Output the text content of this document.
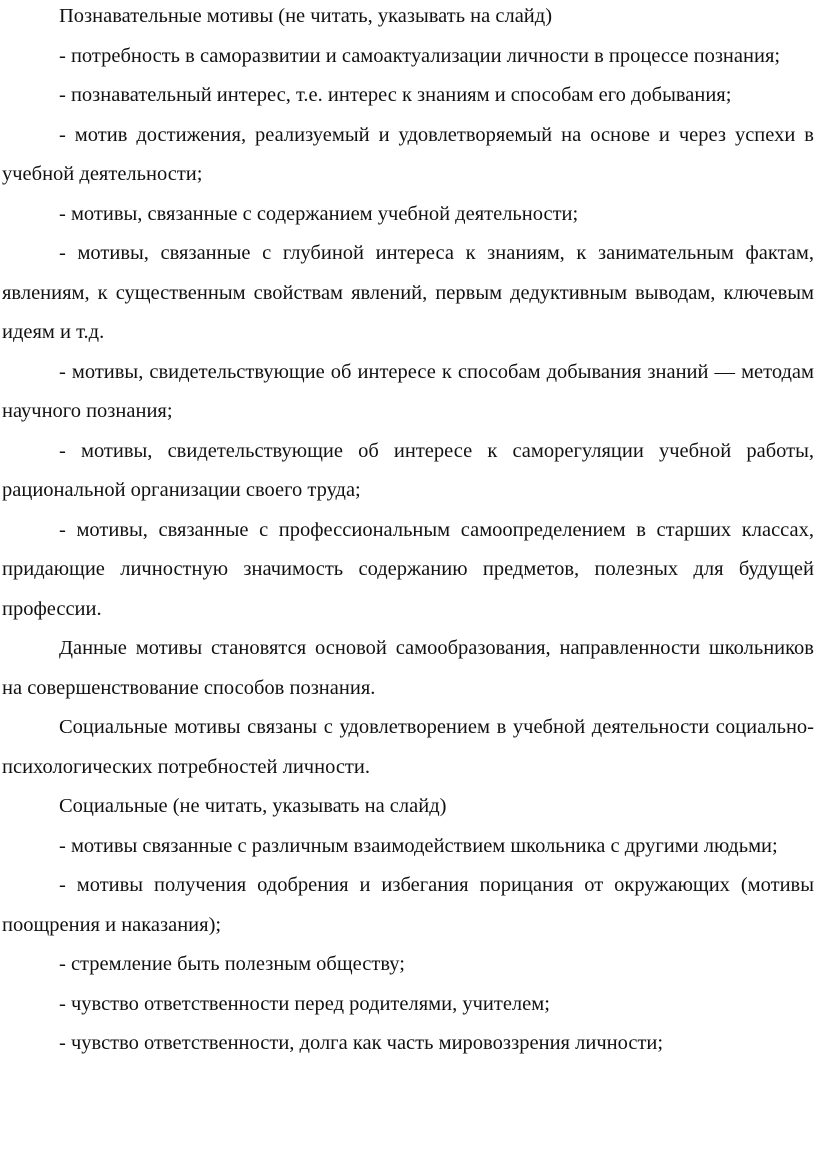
Познавательные мотивы (не читать, указывать на слайд)

- потребность в саморазвитии и самоактуализации личности в процессе познания;

- познавательный интерес, т.е. интерес к знаниям и способам его добывания;

- мотив достижения, реализуемый и удовлетворяемый на основе и через успехи в учебной деятельности;

- мотивы, связанные с содержанием учебной деятельности;

- мотивы, связанные с глубиной интереса к знаниям, к занимательным фактам, явлениям, к существенным свойствам явлений, первым дедуктивным выводам, ключевым идеям и т.д.

- мотивы, свидетельствующие об интересе к способам добывания знаний — методам научного познания;

- мотивы, свидетельствующие об интересе к саморегуляции учебной работы, рациональной организации своего труда;

- мотивы, связанные с профессиональным самоопределением в старших классах, придающие личностную значимость содержанию предметов, полезных для будущей профессии.

Данные мотивы становятся основой самообразования, направленности школьников на совершенствование способов познания.

Социальные мотивы связаны с удовлетворением в учебной деятельности социально-психологических потребностей личности.

Социальные (не читать, указывать на слайд)

- мотивы связанные с различным взаимодействием школьника с другими людьми;

- мотивы получения одобрения и избегания порицания от окружающих (мотивы поощрения и наказания);

- стремление быть полезным обществу;

- чувство ответственности перед родителями, учителем;

- чувство ответственности, долга как часть мировоззрения личности;
